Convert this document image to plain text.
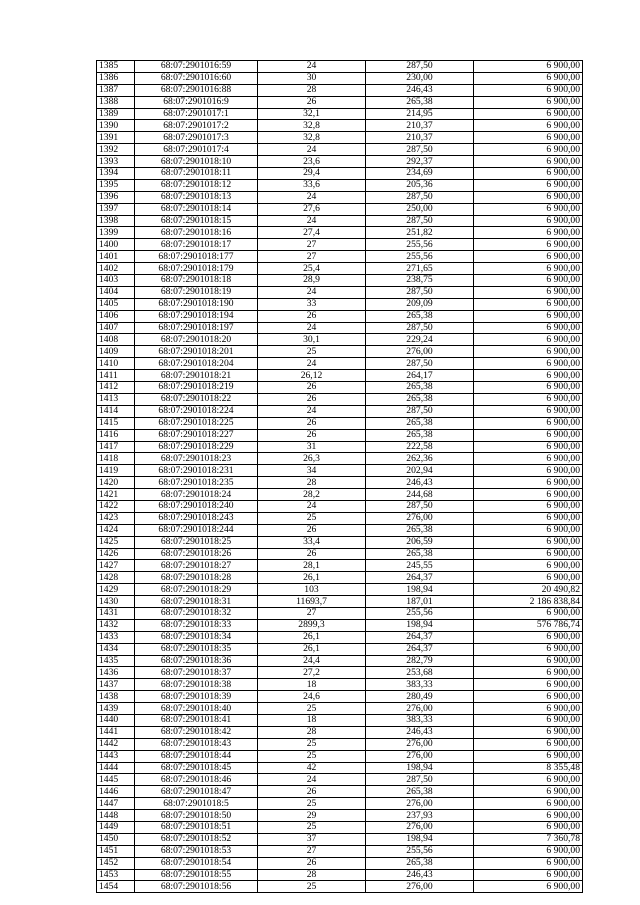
1385	68:07:2901016:59	24	287,50	6 900,00
1386	68:07:2901016:60	30	230,00	6 900,00
1387	68:07:2901016:88	28	246,43	6 900,00
1388	68:07:2901016:9	26	265,38	6 900,00
1389	68:07:2901017:1	32,1	214,95	6 900,00
1390	68:07:2901017:2	32,8	210,37	6 900,00
1391	68:07:2901017:3	32,8	210,37	6 900,00
1392	68:07:2901017:4	24	287,50	6 900,00
1393	68:07:2901018:10	23,6	292,37	6 900,00
1394	68:07:2901018:11	29,4	234,69	6 900,00
1395	68:07:2901018:12	33,6	205,36	6 900,00
1396	68:07:2901018:13	24	287,50	6 900,00
1397	68:07:2901018:14	27,6	250,00	6 900,00
1398	68:07:2901018:15	24	287,50	6 900,00
1399	68:07:2901018:16	27,4	251,82	6 900,00
1400	68:07:2901018:17	27	255,56	6 900,00
1401	68:07:2901018:177	27	255,56	6 900,00
1402	68:07:2901018:179	25,4	271,65	6 900,00
1403	68:07:2901018:18	28,9	238,75	6 900,00
1404	68:07:2901018:19	24	287,50	6 900,00
1405	68:07:2901018:190	33	209,09	6 900,00
1406	68:07:2901018:194	26	265,38	6 900,00
1407	68:07:2901018:197	24	287,50	6 900,00
1408	68:07:2901018:20	30,1	229,24	6 900,00
1409	68:07:2901018:201	25	276,00	6 900,00
1410	68:07:2901018:204	24	287,50	6 900,00
1411	68:07:2901018:21	26,12	264,17	6 900,00
1412	68:07:2901018:219	26	265,38	6 900,00
1413	68:07:2901018:22	26	265,38	6 900,00
1414	68:07:2901018:224	24	287,50	6 900,00
1415	68:07:2901018:225	26	265,38	6 900,00
1416	68:07:2901018:227	26	265,38	6 900,00
1417	68:07:2901018:229	31	222,58	6 900,00
1418	68:07:2901018:23	26,3	262,36	6 900,00
1419	68:07:2901018:231	34	202,94	6 900,00
1420	68:07:2901018:235	28	246,43	6 900,00
1421	68:07:2901018:24	28,2	244,68	6 900,00
1422	68:07:2901018:240	24	287,50	6 900,00
1423	68:07:2901018:243	25	276,00	6 900,00
1424	68:07:2901018:244	26	265,38	6 900,00
1425	68:07:2901018:25	33,4	206,59	6 900,00
1426	68:07:2901018:26	26	265,38	6 900,00
1427	68:07:2901018:27	28,1	245,55	6 900,00
1428	68:07:2901018:28	26,1	264,37	6 900,00
1429	68:07:2901018:29	103	198,94	20 490,82
1430	68:07:2901018:31	11693,7	187,01	2 186 838,84
1431	68:07:2901018:32	27	255,56	6 900,00
1432	68:07:2901018:33	2899,3	198,94	576 786,74
1433	68:07:2901018:34	26,1	264,37	6 900,00
1434	68:07:2901018:35	26,1	264,37	6 900,00
1435	68:07:2901018:36	24,4	282,79	6 900,00
1436	68:07:2901018:37	27,2	253,68	6 900,00
1437	68:07:2901018:38	18	383,33	6 900,00
1438	68:07:2901018:39	24,6	280,49	6 900,00
1439	68:07:2901018:40	25	276,00	6 900,00
1440	68:07:2901018:41	18	383,33	6 900,00
1441	68:07:2901018:42	28	246,43	6 900,00
1442	68:07:2901018:43	25	276,00	6 900,00
1443	68:07:2901018:44	25	276,00	6 900,00
1444	68:07:2901018:45	42	198,94	8 355,48
1445	68:07:2901018:46	24	287,50	6 900,00
1446	68:07:2901018:47	26	265,38	6 900,00
1447	68:07:2901018:5	25	276,00	6 900,00
1448	68:07:2901018:50	29	237,93	6 900,00
1449	68:07:2901018:51	25	276,00	6 900,00
1450	68:07:2901018:52	37	198,94	7 360,78
1451	68:07:2901018:53	27	255,56	6 900,00
1452	68:07:2901018:54	26	265,38	6 900,00
1453	68:07:2901018:55	28	246,43	6 900,00
1454	68:07:2901018:56	25	276,00	6 900,00
